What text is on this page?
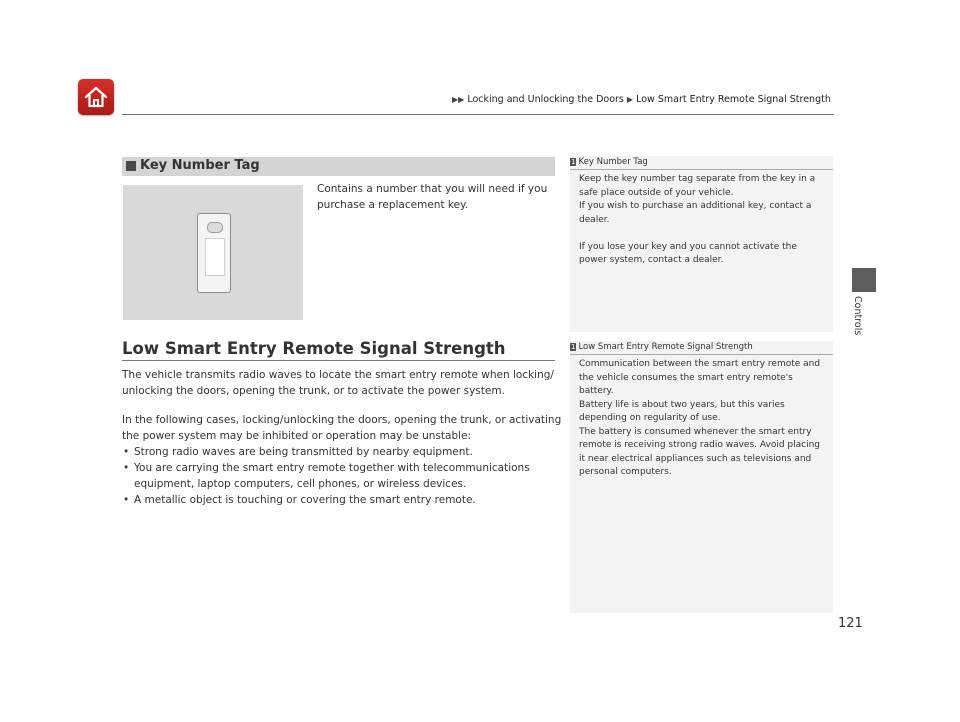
▶▶ Locking and Unlocking the Doors ▶ Low Smart Entry Remote Signal Strength
Controls
121
Key Number Tag
Contains a number that you will need if you
purchase a replacement key.
Low Smart Entry Remote Signal Strength
The vehicle transmits radio waves to locate the smart entry remote when locking/
unlocking the doors, opening the trunk, or to activate the power system.
In the following cases, locking/unlocking the doors, opening the trunk, or activating
the power system may be inhibited or operation may be unstable:
• Strong radio waves are being transmitted by nearby equipment.
• You are carrying the smart entry remote together with telecommunications
equipment, laptop computers, cell phones, or wireless devices.
• A metallic object is touching or covering the smart entry remote.
1 Key Number Tag

Keep the key number tag separate from the key in a

safe place outside of your vehicle.

If you wish to purchase an additional key, contact a

dealer.

If you lose your key and you cannot activate the

power system, contact a dealer.

1 Low Smart Entry Remote Signal Strength

Communication between the smart entry remote and

the vehicle consumes the smart entry remote's

battery.

Battery life is about two years, but this varies

depending on regularity of use.

The battery is consumed whenever the smart entry

remote is receiving strong radio waves. Avoid placing

it near electrical appliances such as televisions and

personal computers.
